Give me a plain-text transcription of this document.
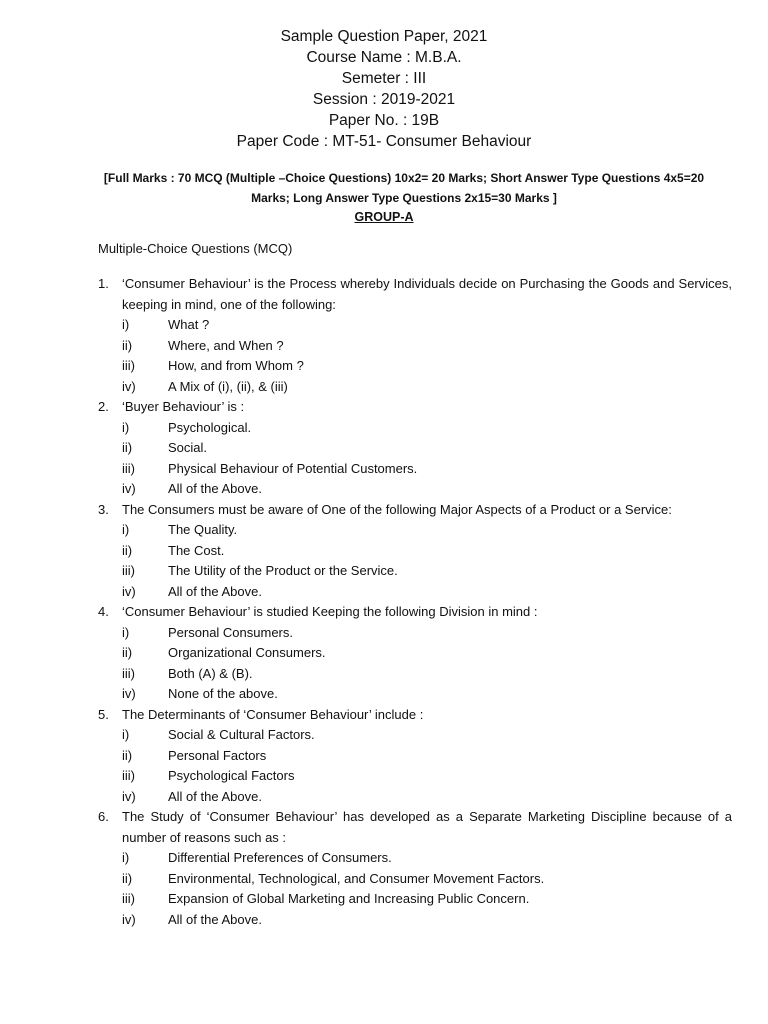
Sample Question Paper, 2021
Course Name : M.B.A.
Semeter : III
Session : 2019-2021
Paper No. : 19B
Paper Code : MT-51- Consumer Behaviour
[Full Marks : 70 MCQ (Multiple –Choice Questions) 10x2= 20 Marks; Short Answer Type Questions 4x5=20
Marks; Long Answer Type Questions 2x15=30 Marks ]
GROUP-A
Multiple-Choice Questions (MCQ)
1. ‘Consumer Behaviour’ is the Process whereby Individuals decide on Purchasing the Goods and Services, keeping in mind, one of the following:
i)	What ?
ii)	Where, and When ?
iii)	How, and from Whom ?
iv) A Mix of (i), (ii), & (iii)
2. ‘Buyer Behaviour’ is :
i)	Psychological.
ii)	Social.
iii)	Physical Behaviour of Potential Customers.
iv) All of the Above.
3. The Consumers must be aware of One of the following Major Aspects of a Product or a Service:
i)	The Quality.
ii)	The Cost.
iii)	The Utility of the Product or the Service.
iv) All of the Above.
4. ‘Consumer Behaviour’ is studied Keeping the following Division in mind :
i)	Personal Consumers.
ii)	Organizational Consumers.
iii)	Both (A) & (B).
iv) None of the above.
5. The Determinants of ‘Consumer Behaviour’ include :
i)	Social & Cultural Factors.
ii)	Personal Factors
iii)	Psychological Factors
iv) All of the Above.
6. The Study of ‘Consumer Behaviour’ has developed as a Separate Marketing Discipline because of a number of reasons such as :
i)	Differential Preferences of Consumers.
ii)	Environmental, Technological, and Consumer Movement Factors.
iii)	Expansion of Global Marketing and Increasing Public Concern.
iv) All of the Above.
